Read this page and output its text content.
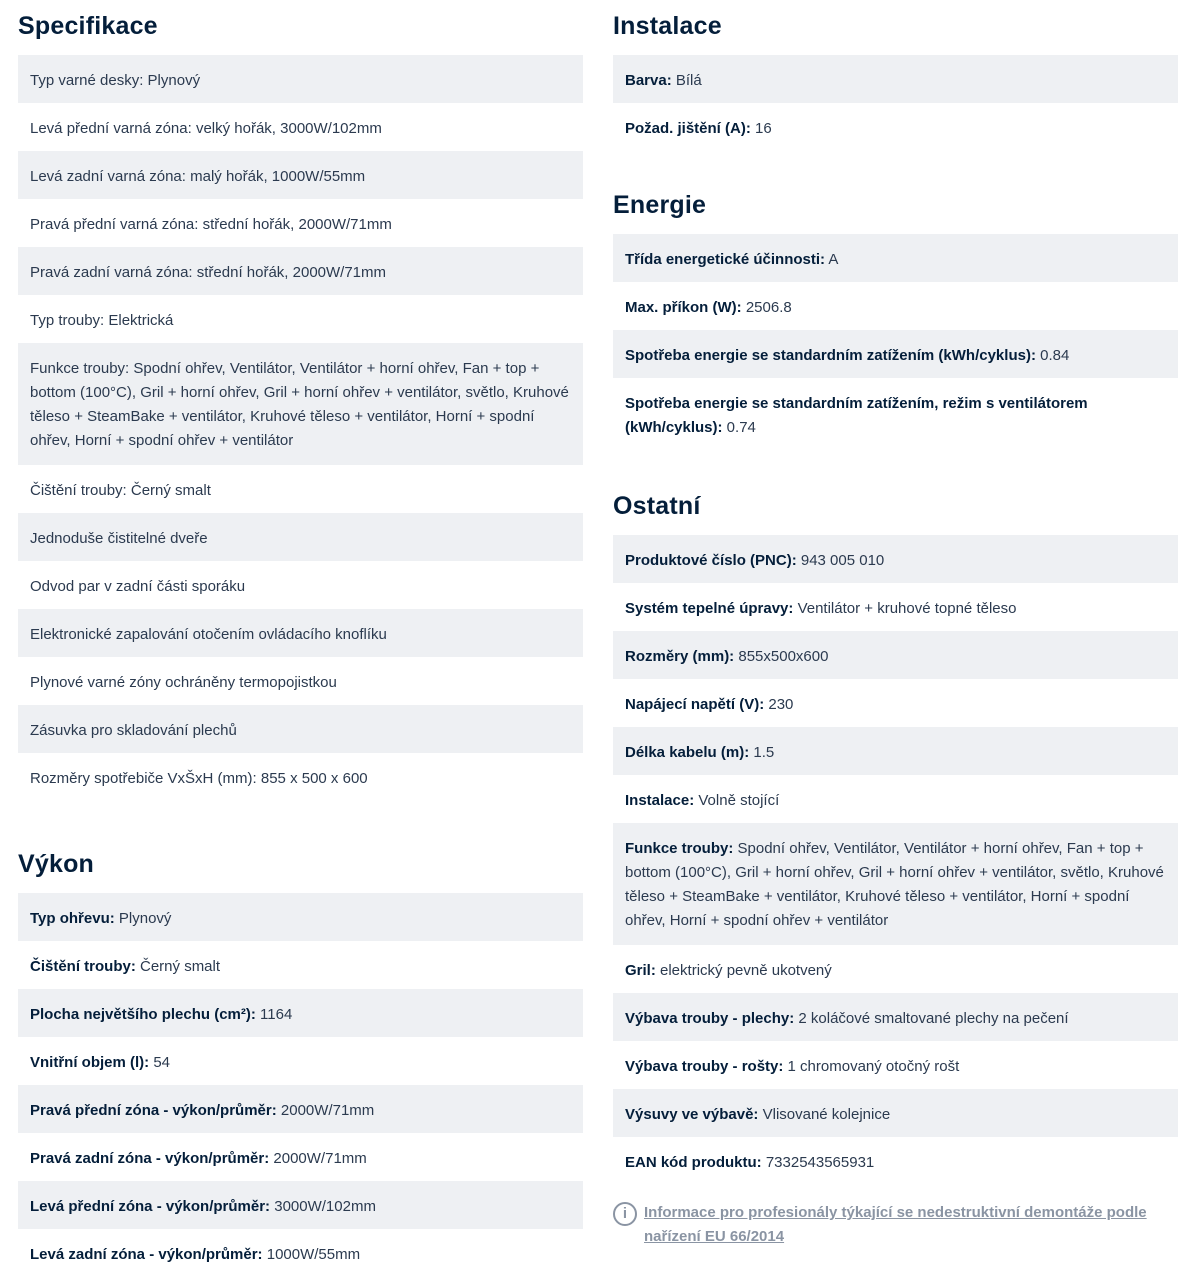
Specifikace
Typ varné desky: Plynový
Levá přední varná zóna: velký hořák, 3000W/102mm
Levá zadní varná zóna: malý hořák, 1000W/55mm
Pravá přední varná zóna: střední hořák, 2000W/71mm
Pravá zadní varná zóna: střední hořák, 2000W/71mm
Typ trouby: Elektrická
Funkce trouby: Spodní ohřev, Ventilátor, Ventilátor + horní ohřev, Fan + top + bottom (100°C), Gril + horní ohřev, Gril + horní ohřev + ventilátor, světlo, Kruhové těleso + SteamBake + ventilátor, Kruhové těleso + ventilátor, Horní + spodní ohřev, Horní + spodní ohřev + ventilátor
Čištění trouby: Černý smalt
Jednoduše čistitelné dveře
Odvod par v zadní části sporáku
Elektronické zapalování otočením ovládacího knoflíku
Plynové varné zóny ochráněny termopojistkou
Zásuvka pro skladování plechů
Rozměry spotřebiče VxŠxH (mm): 855 x 500 x 600
Výkon
Typ ohřevu: Plynový
Čištění trouby: Černý smalt
Plocha největšího plechu (cm²): 1164
Vnitřní objem (l): 54
Pravá přední zóna - výkon/průměr: 2000W/71mm
Pravá zadní zóna - výkon/průměr: 2000W/71mm
Levá přední zóna - výkon/průměr: 3000W/102mm
Levá zadní zóna - výkon/průměr: 1000W/55mm
Instalace
Barva: Bílá
Požad. jištění (A): 16
Energie
Třída energetické účinnosti: A
Max. příkon (W): 2506.8
Spotřeba energie se standardním zatížením (kWh/cyklus): 0.84
Spotřeba energie se standardním zatížením, režim s ventilátorem (kWh/cyklus): 0.74
Ostatní
Produktové číslo (PNC): 943 005 010
Systém tepelné úpravy: Ventilátor + kruhové topné těleso
Rozměry (mm): 855x500x600
Napájecí napětí (V): 230
Délka kabelu (m): 1.5
Instalace: Volně stojící
Funkce trouby: Spodní ohřev, Ventilátor, Ventilátor + horní ohřev, Fan + top + bottom (100°C), Gril + horní ohřev, Gril + horní ohřev + ventilátor, světlo, Kruhové těleso + SteamBake + ventilátor, Kruhové těleso + ventilátor, Horní + spodní ohřev, Horní + spodní ohřev + ventilátor
Gril: elektrický pevně ukotvený
Výbava trouby - plechy: 2 koláčové smaltované plechy na pečení
Výbava trouby - rošty: 1 chromovaný otočný rošt
Výsuvy ve výbavě: Vlisované kolejnice
EAN kód produktu: 7332543565931
i	Informace pro profesionály týkající se nedestruktivní demontáže podle nařízení EU 66/2014
